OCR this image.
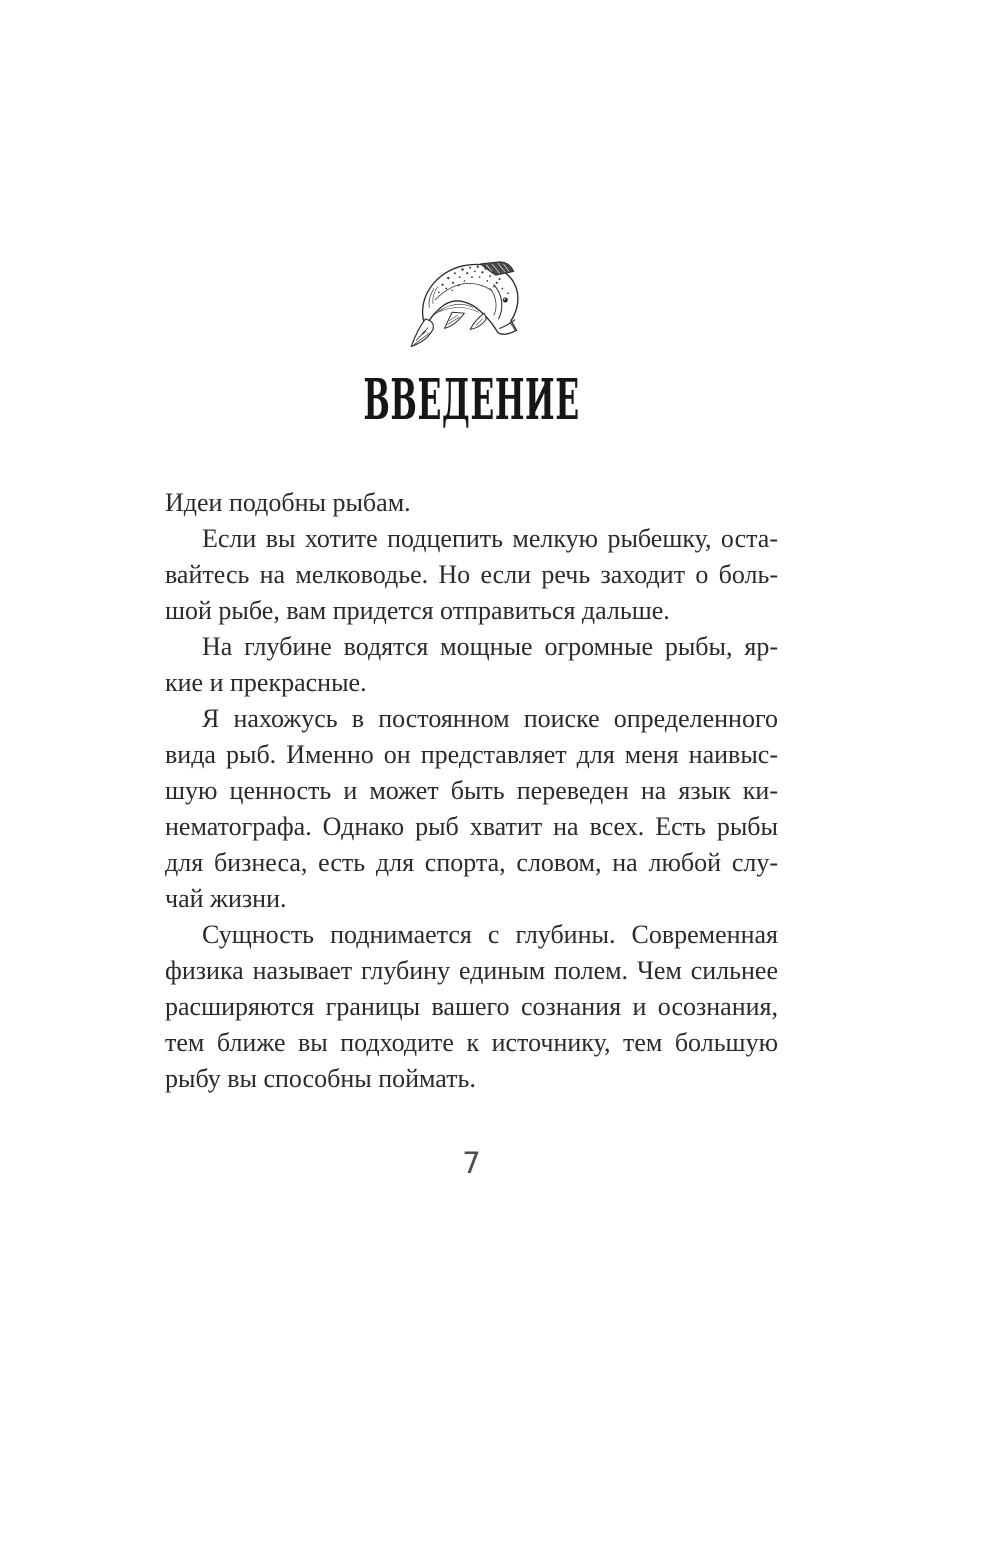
ВВЕДЕНИЕ
Идеи подобны рыбам.
Если вы хотите подцепить мелкую рыбешку, оста-
вайтесь на мелководье. Но если речь заходит о боль-
шой рыбе, вам придется отправиться дальше.
На глубине водятся мощные огромные рыбы, яр-
кие и прекрасные.
Я нахожусь в постоянном поиске определенного
вида рыб. Именно он представляет для меня наивыс-
шую ценность и может быть переведен на язык ки-
нематографа. Однако рыб хватит на всех. Есть рыбы
для бизнеса, есть для спорта, словом, на любой слу-
чай жизни.
Сущность поднимается с глубины. Современная
физика называет глубину единым полем. Чем сильнее
расширяются границы вашего сознания и осознания,
тем ближе вы подходите к источнику, тем большую
рыбу вы способны поймать.
7
